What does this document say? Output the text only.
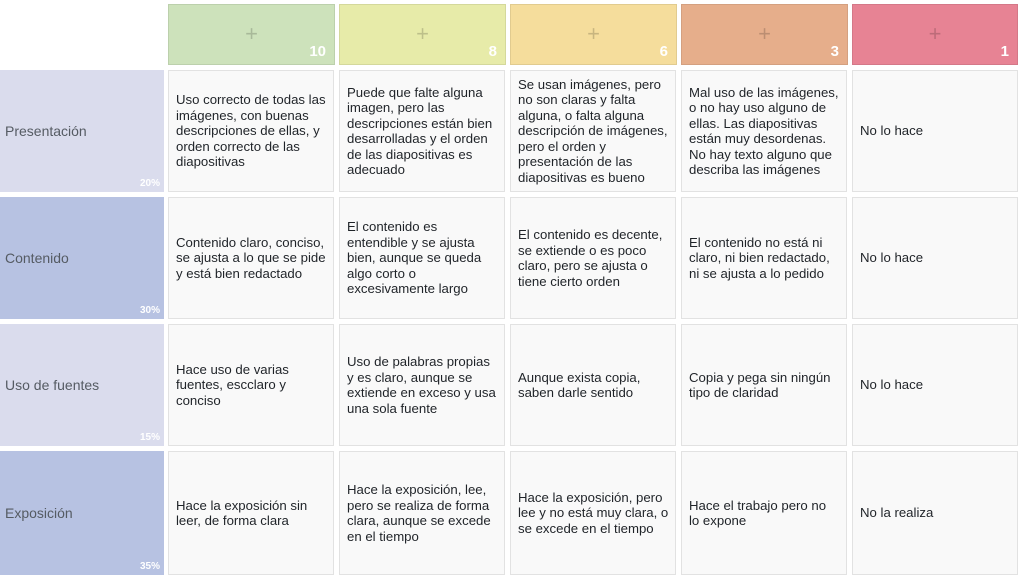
+
10
+
8
+
6
+
3
+
1
Presentación
20%
Uso correcto de todas las imágenes, con buenas descripciones de ellas, y orden correcto de las diapositivas
Puede que falte alguna imagen, pero las descripciones están bien desarrolladas y el orden de las diapositivas es adecuado
Se usan imágenes, pero no son claras y falta alguna, o falta alguna descripción de imágenes, pero el orden y presentación de las diapositivas es bueno
Mal uso de las imágenes, o no hay uso alguno de ellas. Las diapositivas están muy desordenas. No hay texto alguno que describa las imágenes
No lo hace
Contenido
30%
Contenido claro, conciso, se ajusta a lo que se pide y está bien redactado
El contenido es entendible y se ajusta bien, aunque se queda algo corto o excesivamente largo
El contenido es decente, se extiende o es poco claro, pero se ajusta o tiene cierto orden
El contenido no está ni claro, ni bien redactado, ni se ajusta a lo pedido
No lo hace
Uso de fuentes
15%
Hace uso de varias fuentes, escclaro y conciso
Uso de palabras propias y es claro, aunque se extiende en exceso y usa una sola fuente
Aunque exista copia, saben darle sentido
Copia y pega sin ningún tipo de claridad
No lo hace
Exposición
35%
Hace la exposición sin leer, de forma clara
Hace la exposición, lee, pero se realiza de forma clara, aunque se excede en el tiempo
Hace la exposición, pero lee y no está muy clara, o se excede en el tiempo
Hace el trabajo pero no lo expone
No la realiza
